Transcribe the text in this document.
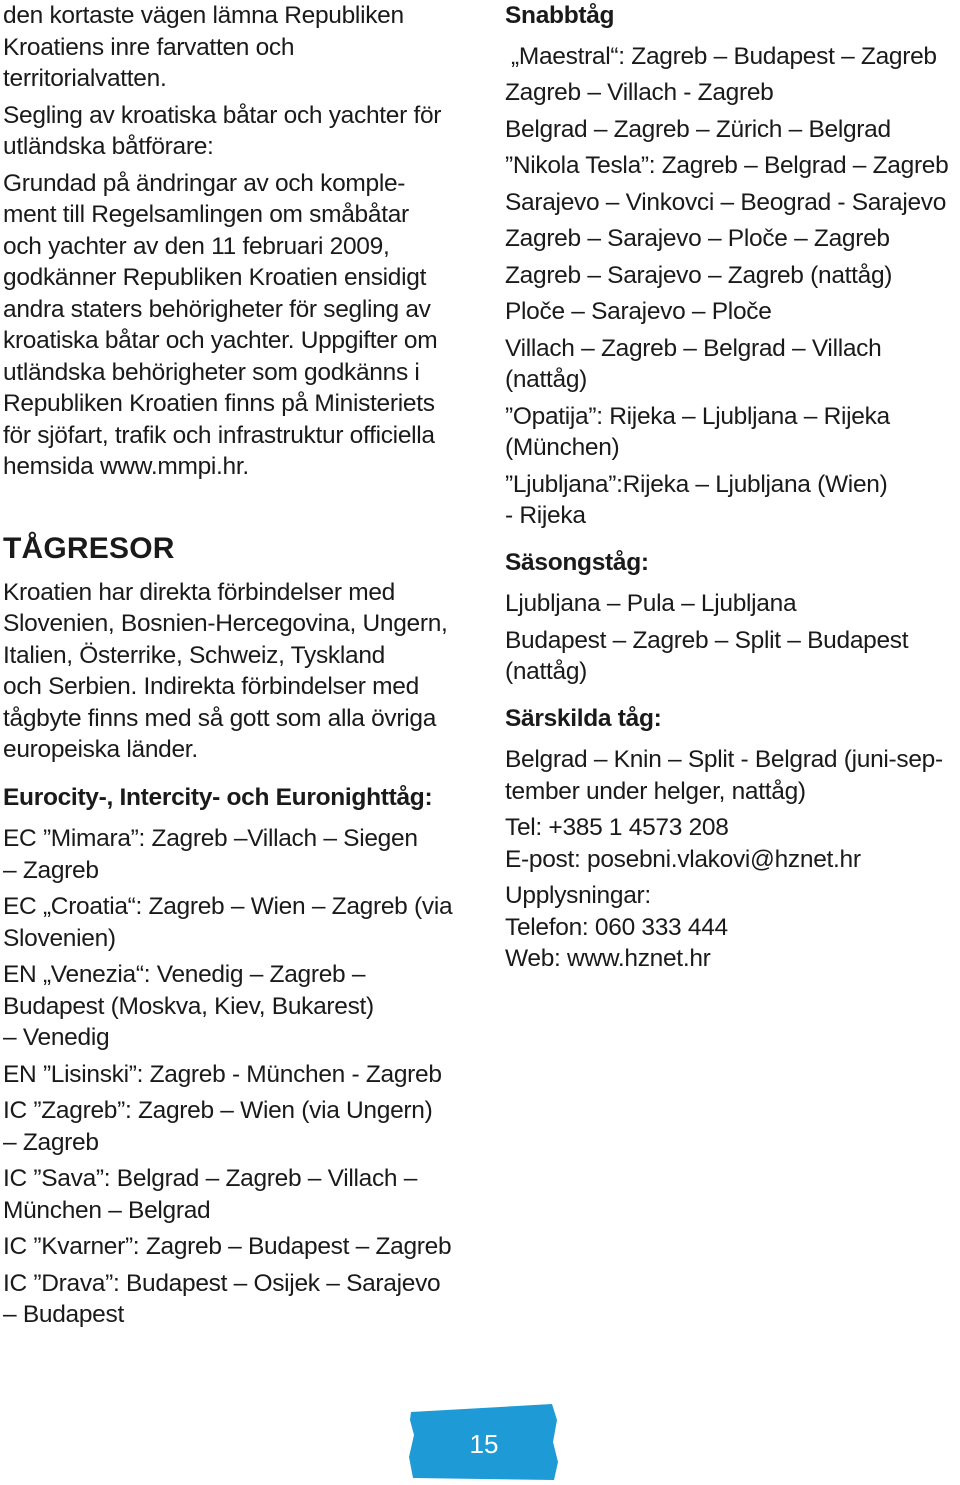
den kortaste vägen lämna Republiken
Kroatiens inre farvatten och
territorialvatten.
Segling av kroatiska båtar och yachter för
utländska båtförare:
Grundad på ändringar av och komple-
ment till Regelsamlingen om småbåtar
och yachter av den 11 februari 2009,
godkänner Republiken Kroatien ensidigt
andra staters behörigheter för segling av
kroatiska båtar och yachter. Uppgifter om
utländska behörigheter som godkänns i
Republiken Kroatien finns på Ministeriets
för sjöfart, trafik och infrastruktur officiella
hemsida www.mmpi.hr.
TÅGRESOR
Kroatien har direkta förbindelser med
Slovenien, Bosnien-Hercegovina, Ungern,
Italien, Österrike, Schweiz, Tyskland
och Serbien. Indirekta förbindelser med
tågbyte finns med så gott som alla övriga
europeiska länder.
Eurocity-, Intercity- och Euronighttåg:
EC ”Mimara”: Zagreb –Villach – Siegen
– Zagreb
EC „Croatia“: Zagreb – Wien – Zagreb (via
Slovenien)
EN „Venezia“: Venedig – Zagreb –
Budapest (Moskva, Kiev, Bukarest)
– Venedig
EN ”Lisinski”: Zagreb - München - Zagreb
IC ”Zagreb”: Zagreb – Wien (via Ungern)
– Zagreb
IC ”Sava”: Belgrad – Zagreb – Villach –
München – Belgrad
IC ”Kvarner”: Zagreb – Budapest – Zagreb
IC ”Drava”: Budapest – Osijek – Sarajevo
– Budapest
Snabbtåg
„Maestral“: Zagreb – Budapest – Zagreb
Zagreb – Villach - Zagreb
Belgrad – Zagreb – Zürich – Belgrad
”Nikola Tesla”: Zagreb – Belgrad – Zagreb
Sarajevo – Vinkovci – Beograd - Sarajevo
Zagreb – Sarajevo – Ploče – Zagreb
Zagreb – Sarajevo – Zagreb (nattåg)
Ploče – Sarajevo – Ploče
Villach – Zagreb – Belgrad – Villach
(nattåg)
”Opatija”: Rijeka – Ljubljana – Rijeka
(München)
”Ljubljana”:Rijeka – Ljubljana (Wien)
- Rijeka
Säsongståg:
Ljubljana – Pula – Ljubljana
Budapest – Zagreb – Split – Budapest
(nattåg)
Särskilda tåg:
Belgrad – Knin – Split - Belgrad (juni-sep-
tember under helger, nattåg)
Tel: +385 1 4573 208
E-post: posebni.vlakovi@hznet.hr
Upplysningar:
Telefon: 060 333 444
Web: www.hznet.hr
15
